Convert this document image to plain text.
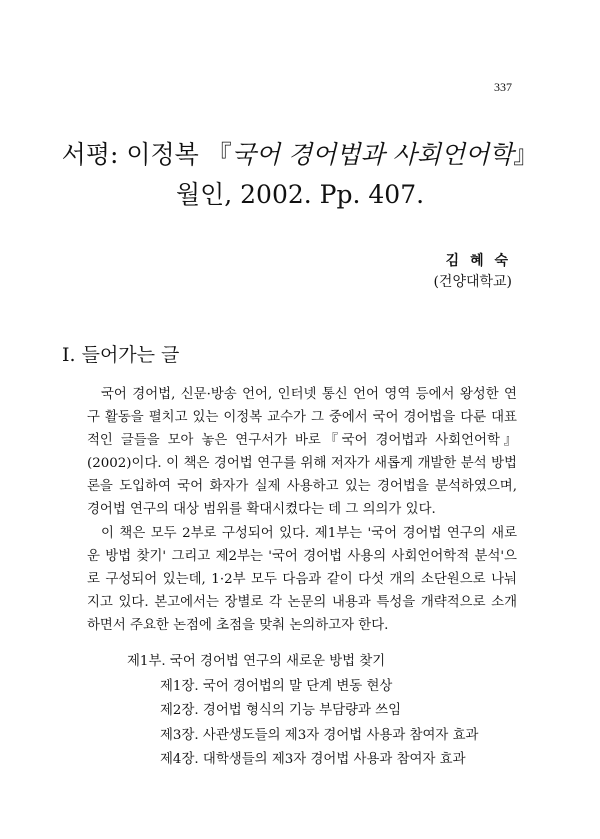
337
서평: 이정복 『국어 경어법과 사회언어학』
월인, 2002. Pp. 407.
김 혜 숙
(건양대학교)
I. 들어가는 글

국어 경어법, 신문·방송 언어, 인터넷 통신 언어 영역 등에서 왕성한 연구 활동을 펼치고 있는 이정복 교수가 그 중에서 국어 경어법을 다룬 대표적인 글들을 모아 놓은 연구서가 바로『국어 경어법과 사회언어학』(2002)이다. 이 책은 경어법 연구를 위해 저자가 새롭게 개발한 분석 방법론을 도입하여 국어 화자가 실제 사용하고 있는 경어법을 분석하였으며, 경어법 연구의 대상 범위를 확대시켰다는 데 그 의의가 있다.

이 책은 모두 2부로 구성되어 있다. 제1부는 '국어 경어법 연구의 새로운 방법 찾기' 그리고 제2부는 '국어 경어법 사용의 사회언어학적 분석'으로 구성되어 있는데, 1·2부 모두 다음과 같이 다섯 개의 소단원으로 나눠지고 있다. 본고에서는 장별로 각 논문의 내용과 특성을 개략적으로 소개하면서 주요한 논점에 초점을 맞춰 논의하고자 한다.

제1부. 국어 경어법 연구의 새로운 방법 찾기
제1장. 국어 경어법의 말 단계 변동 현상
제2장. 경어법 형식의 기능 부담량과 쓰임
제3장. 사관생도들의 제3자 경어법 사용과 참여자 효과
제4장. 대학생들의 제3자 경어법 사용과 참여자 효과
